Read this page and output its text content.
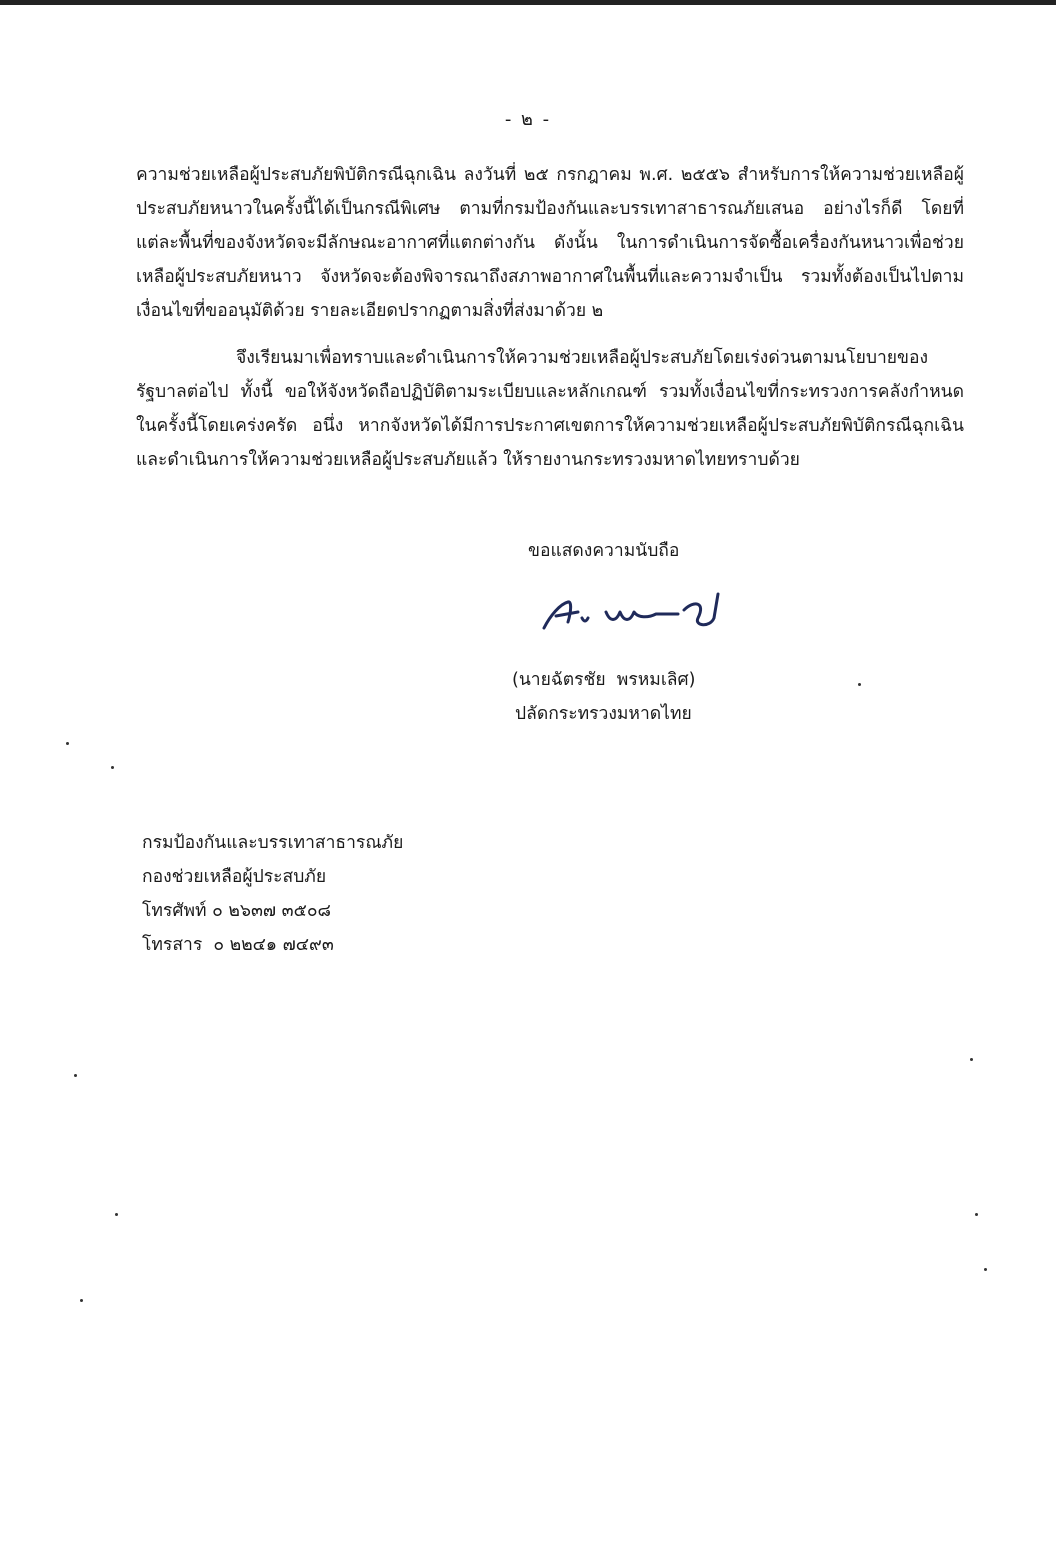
- ๒ -

ความช่วยเหลือผู้ประสบภัยพิบัติกรณีฉุกเฉิน ลงวันที่ ๒๕ กรกฎาคม พ.ศ. ๒๕๕๖ สำหรับการให้ความช่วยเหลือผู้ประสบภัยหนาวในครั้งนี้ได้เป็นกรณีพิเศษ ตามที่กรมป้องกันและบรรเทาสาธารณภัยเสนอ อย่างไรก็ดี โดยที่แต่ละพื้นที่ของจังหวัดจะมีลักษณะอากาศที่แตกต่างกัน ดังนั้น ในการดำเนินการจัดซื้อเครื่องกันหนาวเพื่อช่วยเหลือผู้ประสบภัยหนาว จังหวัดจะต้องพิจารณาถึงสภาพอากาศในพื้นที่และความจำเป็น รวมทั้งต้องเป็นไปตามเงื่อนไขที่ขออนุมัติด้วย รายละเอียดปรากฏตามสิ่งที่ส่งมาด้วย ๒

จึงเรียนมาเพื่อทราบและดำเนินการให้ความช่วยเหลือผู้ประสบภัยโดยเร่งด่วนตามนโยบายของรัฐบาลต่อไป ทั้งนี้ ขอให้จังหวัดถือปฏิบัติตามระเบียบและหลักเกณฑ์ รวมทั้งเงื่อนไขที่กระทรวงการคลังกำหนดในครั้งนี้โดยเคร่งครัด อนึ่ง หากจังหวัดได้มีการประกาศเขตการให้ความช่วยเหลือผู้ประสบภัยพิบัติกรณีฉุกเฉิน และดำเนินการให้ความช่วยเหลือผู้ประสบภัยแล้ว ให้รายงานกระทรวงมหาดไทยทราบด้วย

ขอแสดงความนับถือ
(นายฉัตรชัย  พรหมเลิศ)
ปลัดกระทรวงมหาดไทย
กรมป้องกันและบรรเทาสาธารณภัย
กองช่วยเหลือผู้ประสบภัย
โทรศัพท์ ๐ ๒๖๓๗ ๓๕๐๘
โทรสาร  ๐ ๒๒๔๑ ๗๔๙๓
